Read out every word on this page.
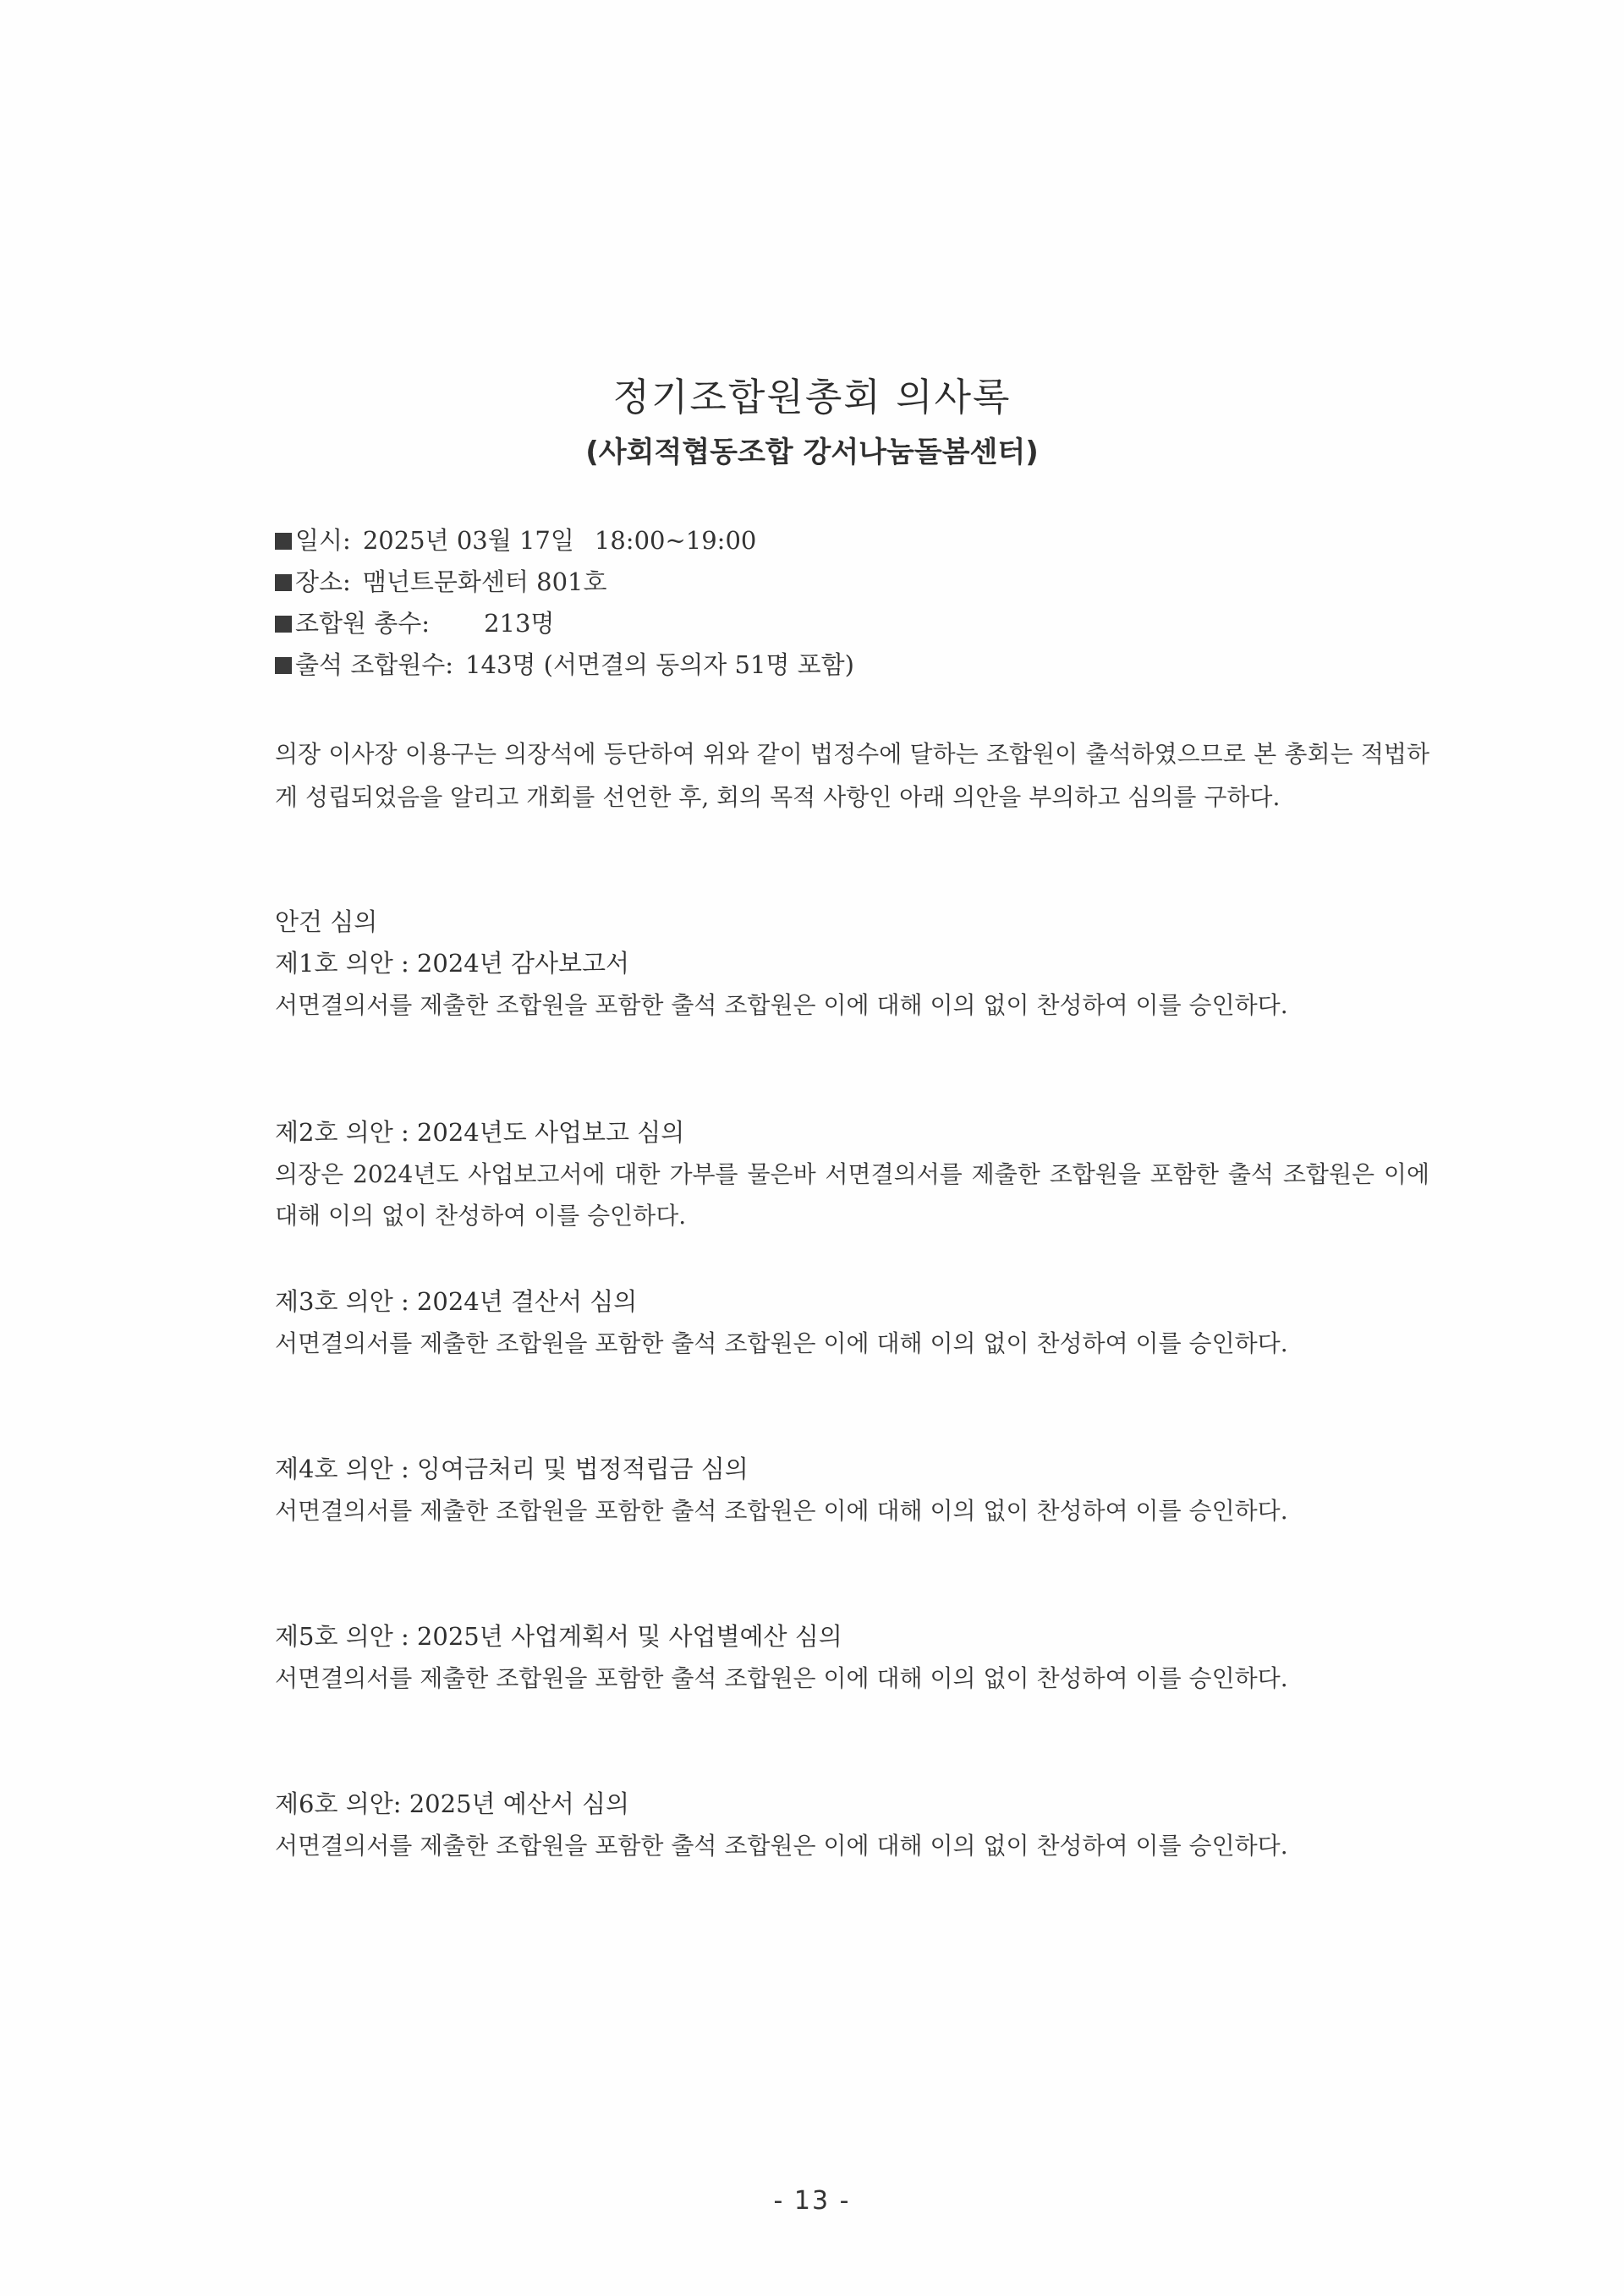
정기조합원총회 의사록
(사회적협동조합 강서나눔돌봄센터)
일시: 2025년 03월 17일 18:00~19:00
장소: 맴넌트문화센터 801호
조합원 총수: 213명
출석 조합원수: 143명 (서면결의 동의자 51명 포함)

의장 이사장 이용구는 의장석에 등단하여 위와 같이 법정수에 달하는 조합원이 출석하였으므로 본 총회는 적법하게 성립되었음을 알리고 개회를 선언한 후, 회의 목적 사항인 아래 의안을 부의하고 심의를 구하다.

안건 심의

제1호 의안 : 2024년 감사보고서

서면결의서를 제출한 조합원을 포함한 출석 조합원은 이에 대해 이의 없이 찬성하여 이를 승인하다.

제2호 의안 : 2024년도 사업보고 심의

의장은 2024년도 사업보고서에 대한 가부를 물은바 서면결의서를 제출한 조합원을 포함한 출석 조합원은 이에 대해 이의 없이 찬성하여 이를 승인하다.

제3호 의안 : 2024년 결산서 심의

서면결의서를 제출한 조합원을 포함한 출석 조합원은 이에 대해 이의 없이 찬성하여 이를 승인하다.

제4호 의안 : 잉여금처리 및 법정적립금 심의

서면결의서를 제출한 조합원을 포함한 출석 조합원은 이에 대해 이의 없이 찬성하여 이를 승인하다.

제5호 의안 : 2025년 사업계획서 및 사업별예산 심의

서면결의서를 제출한 조합원을 포함한 출석 조합원은 이에 대해 이의 없이 찬성하여 이를 승인하다.

제6호 의안: 2025년 예산서 심의

서면결의서를 제출한 조합원을 포함한 출석 조합원은 이에 대해 이의 없이 찬성하여 이를 승인하다.

- 13 -
